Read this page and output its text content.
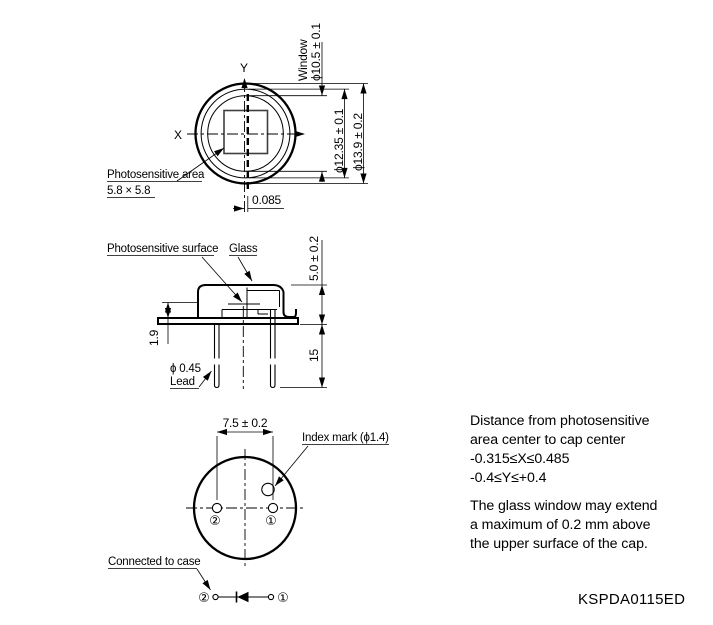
X
Y	Window ϕ10.5 ± 0.1
ϕ12.35 ± 0.1 ϕ13.9 ± 0.2
Photosensitive area
5.8 × 5.8
0.085
Photosensitive surface Glass
ϕ 0.45
Lead
1.9
5.0 ± 0.2
15
②	①
7.5 ± 0.2
Index mark (ϕ1.4)
Connected to case
②	①
Distance from photosensitive
area center to cap center
-0.315≤X≤0.485
-0.4≤Y≤+0.4
The glass window may extend
a maximum of 0.2 mm above
the upper surface of the cap.
KSPDA0115ED
